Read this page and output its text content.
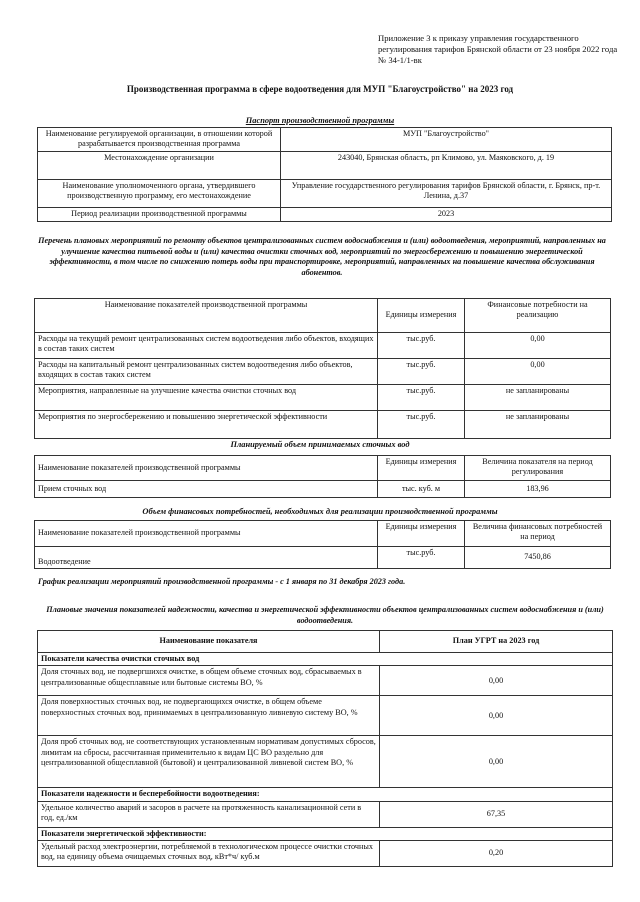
Приложение 3 к приказу управления государственного регулирования тарифов Брянской области от 23 ноября 2022 года № 34-1/1-вк
Производственная программа в сфере водоотведения для МУП "Благоустройство" на 2023 год
Паспорт производственной программы
Наименование регулируемой организации, в отношении которой разрабатывается производственная программа	МУП "Благоустройство"
Местонахождение организации	243040, Брянская область, рп Климово, ул. Маяковского, д. 19
Наименование уполномоченного органа, утвердившего производственную программу, его местонахождение	Управление государственного регулирования тарифов Брянской области, г. Брянск, пр-т. Ленина, д.37
Период реализации производственной программы	2023
Перечень плановых мероприятий по ремонту объектов централизованных систем водоснабжения и (или) водоотведения, мероприятий, направленных на улучшение качества питьевой воды и (или) качества очистки сточных вод, мероприятий по энергосбережению и повышению энергетической эффективности, в том числе по снижению потерь воды при транспортировке, мероприятий, направленных на повышение качества обслуживания абонентов.
Наименование показателей производственной программы	Единицы измерения	Финансовые потребности на реализацию
Расходы на текущий ремонт централизованных систем водоотведения либо объектов, входящих в состав таких систем	тыс.руб.	0,00
Расходы на капитальный ремонт централизованных систем водоотведения либо объектов, входящих в состав таких систем	тыс.руб.	0,00
Мероприятия, направленные на улучшение качества очистки сточных вод	тыс.руб.	не запланированы
Мероприятия по энергосбережению и повышению энергетической эффективности	тыс.руб.	не запланированы
Планируемый объем принимаемых сточных вод
Наименование показателей производственной программы	Единицы измерения	Величина показателя на период регулирования
Прием сточных вод	тыс. куб. м	183,96
Объем финансовых потребностей, необходимых для реализации производственной программы
Наименование показателей производственной программы	Единицы измерения	Величина финансовых потребностей на период
Водоотведение	тыс.руб.	7450,86
График реализации мероприятий производственной программы - с 1 января по 31 декабря 2023 года.
Плановые значения показателей надежности, качества и энергетической эффективности объектов централизованных систем водоснабжения и (или) водоотведения.
Наименование показателя	План УГРТ на 2023 год
Показатели качества очистки сточных вод	
Доля сточных вод, не подвергшихся очистке, в общем объеме сточных вод, сбрасываемых в централизованные общесплавные или бытовые системы ВО, %	0,00
Доля поверхностных сточных вод, не подвергающихся очистке, в общем объеме поверхностных сточных вод, принимаемых в централизованную ливневую систему ВО, %	0,00
Доля проб сточных вод, не соответствующих установленным нормативам допустимых сбросов, лимитам на сбросы, рассчитанная применительно к видам ЦС ВО раздельно для централизованной общесплавной (бытовой) и централизованной ливневой систем ВО, %	0,00
Показатели надежности и бесперебойности водоотведения:	
Удельное количество аварий и засоров в расчете на протяженность канализационной сети в год, ед./км	67,35
Показатели энергетической эффективности:	
Удельный расход электроэнергии, потребляемой в технологическом процессе очистки сточных вод, на единицу объема очищаемых сточных вод, кВт*ч/ куб.м	0,20
